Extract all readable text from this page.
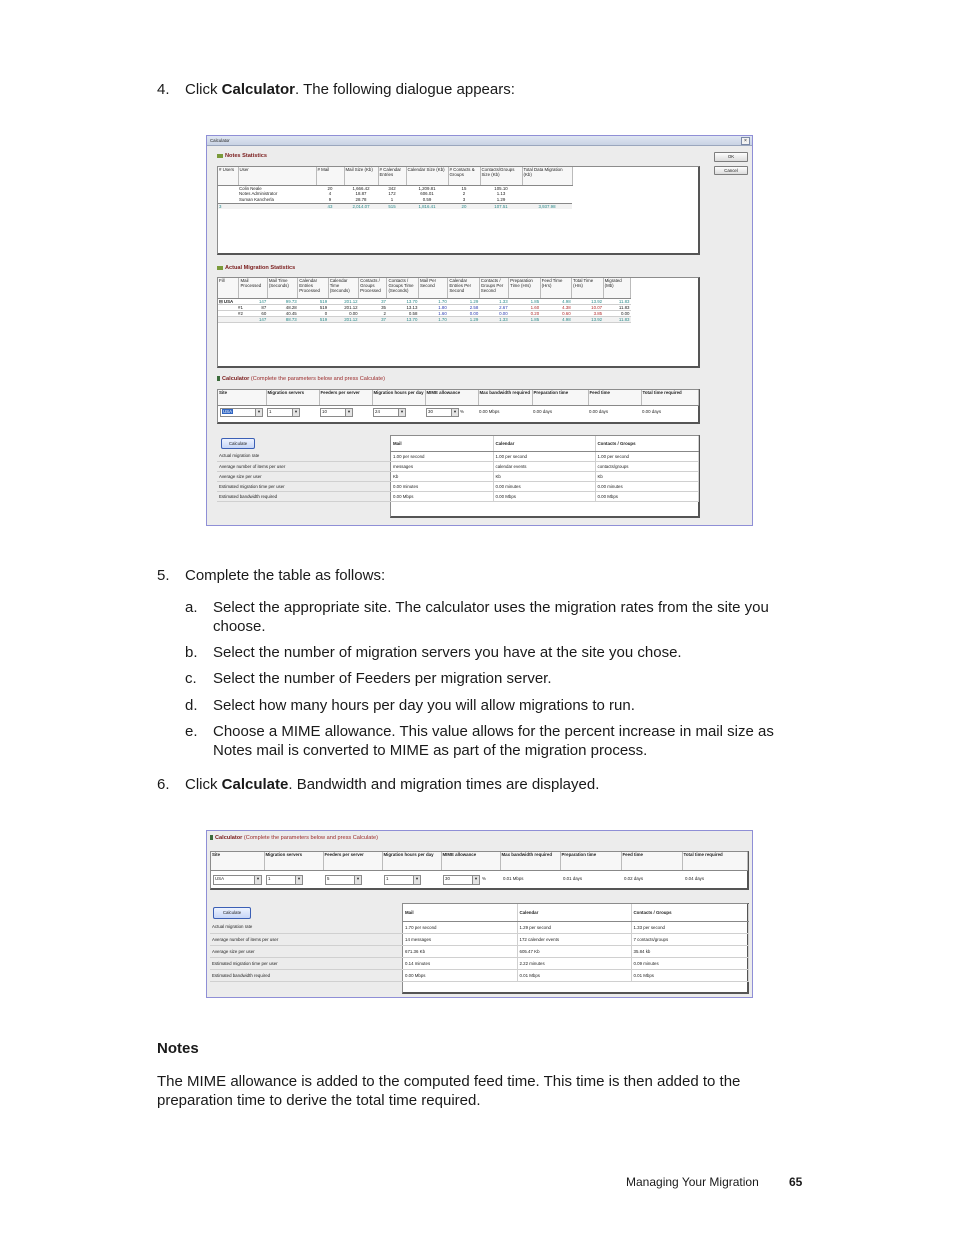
4. Click Calculator. The following dialogue appears:
Calculator	×
OK
Cancel
Notes Statistics
# Users	User	# Mail	Mail Size (Kb)	# Calendar Entries	Calendar Size (Kb)	# Contacts & Groups	Contacts/Groups Size (Kb)	Total Data Migration (Kb)
	Colin Neale	20	1,666.42	342	1,209.81	15	105.10	
	Notes Administrator	4	18.87	172	606.01	2	1.13	
	Suman Kancherla	9	28.78	1	0.59	3	1.29	
3		43	2,014.07	515	1,816.41	20	107.51	3,937.98
Actual Migration Statistics
Fill	Mail Processed	Mail Time (Seconds)	Calendar Entries Processed	Calendar Time (Seconds)	Contacts / Groups Processed	Contacts / Groups Time (Seconds)	Mail Per Second	Calendar Entries Per Second	Contacts / Groups Per Second	Preparation Time (Hrs)	Feed Time (Hrs)	Total Time (Hrs)	Migrated (Mb)
⊟ USA	147	99.73	519	201.12	37	13.70	1.70	1.29	1.33	1.85	4.98	13.92	11.83
#1	87	48.28	519	201.12	35	13.13	1.80	2.58	2.67	1.60	4.38	10.07	11.83
#2	60	40.45	0	0.00	2	0.58	1.60	0.00	0.00	0.20	0.60	3.85	0.00
	147	88.73	519	201.12	37	13.70	1.70	1.29	1.33	1.85	4.98	13.92	11.83
Calculator (Complete the parameters below and press Calculate)
Site	Migration servers	Feeders per server	Migration hours per day	MIME allowance	Max bandwidth required	Preparation time	Feed time	Total time required
USA	▾	1	▾	10	▾	24	▾	30	▾ %	0.00 Mbps	0.00 days	0.00 days	0.00 days
Calculate
		Mail	Calendar	Contacts / Groups
Actual migration rate	1.00 per second	1.00 per second	1.00 per second
Average number of items per user	messages	calendar events	contacts/groups
Average size per user	Kb	Kb	Kb
Estimated migration time per user	0.00 minutes	0.00 minutes	0.00 minutes
Estimated bandwidth required	0.00 Mbps	0.00 Mbps	0.00 Mbps
5. Complete the table as follows:
a.	Select the appropriate site. The calculator uses the migration rates from the site you
choose.
b.	Select the number of migration servers you have at the site you chose.
c.	Select the number of Feeders per migration server.
d.	Select how many hours per day you will allow migrations to run.
e.	Choose a MIME allowance. This value allows for the percent increase in mail size as
Notes mail is converted to MIME as part of the migration process.
6. Click Calculate. Bandwidth and migration times are displayed.
Calculator (Complete the parameters below and press Calculate)
Site	Migration servers	Feeders per server	Migration hours per day	MIME allowance	Max bandwidth required	Preparation time	Feed time	Total time required
USA	▾	1	▾	5	▾	1	▾	30	▾	%	0.01 Mbps	0.01 days	0.02 days	0.04 days
Calculate
		Mail	Calendar	Contacts / Groups
Actual migration rate	1.70 per second	1.29 per second	1.33 per second
Average number of items per user	14 messages	172 calender events	7 contacts/groups
Average size per user	671.36 Kb	605.47 Kb	35.84 kb
Estimated migration time per user	0.14 minutes	2.22 minutes	0.09 minutes
Estimated bandwidth required	0.00 Mbps	0.01 Mbps	0.01 Mbps
Notes
The MIME allowance is added to the computed feed time. This time is then added to the
preparation time to derive the total time required.
Managing Your Migration	65
